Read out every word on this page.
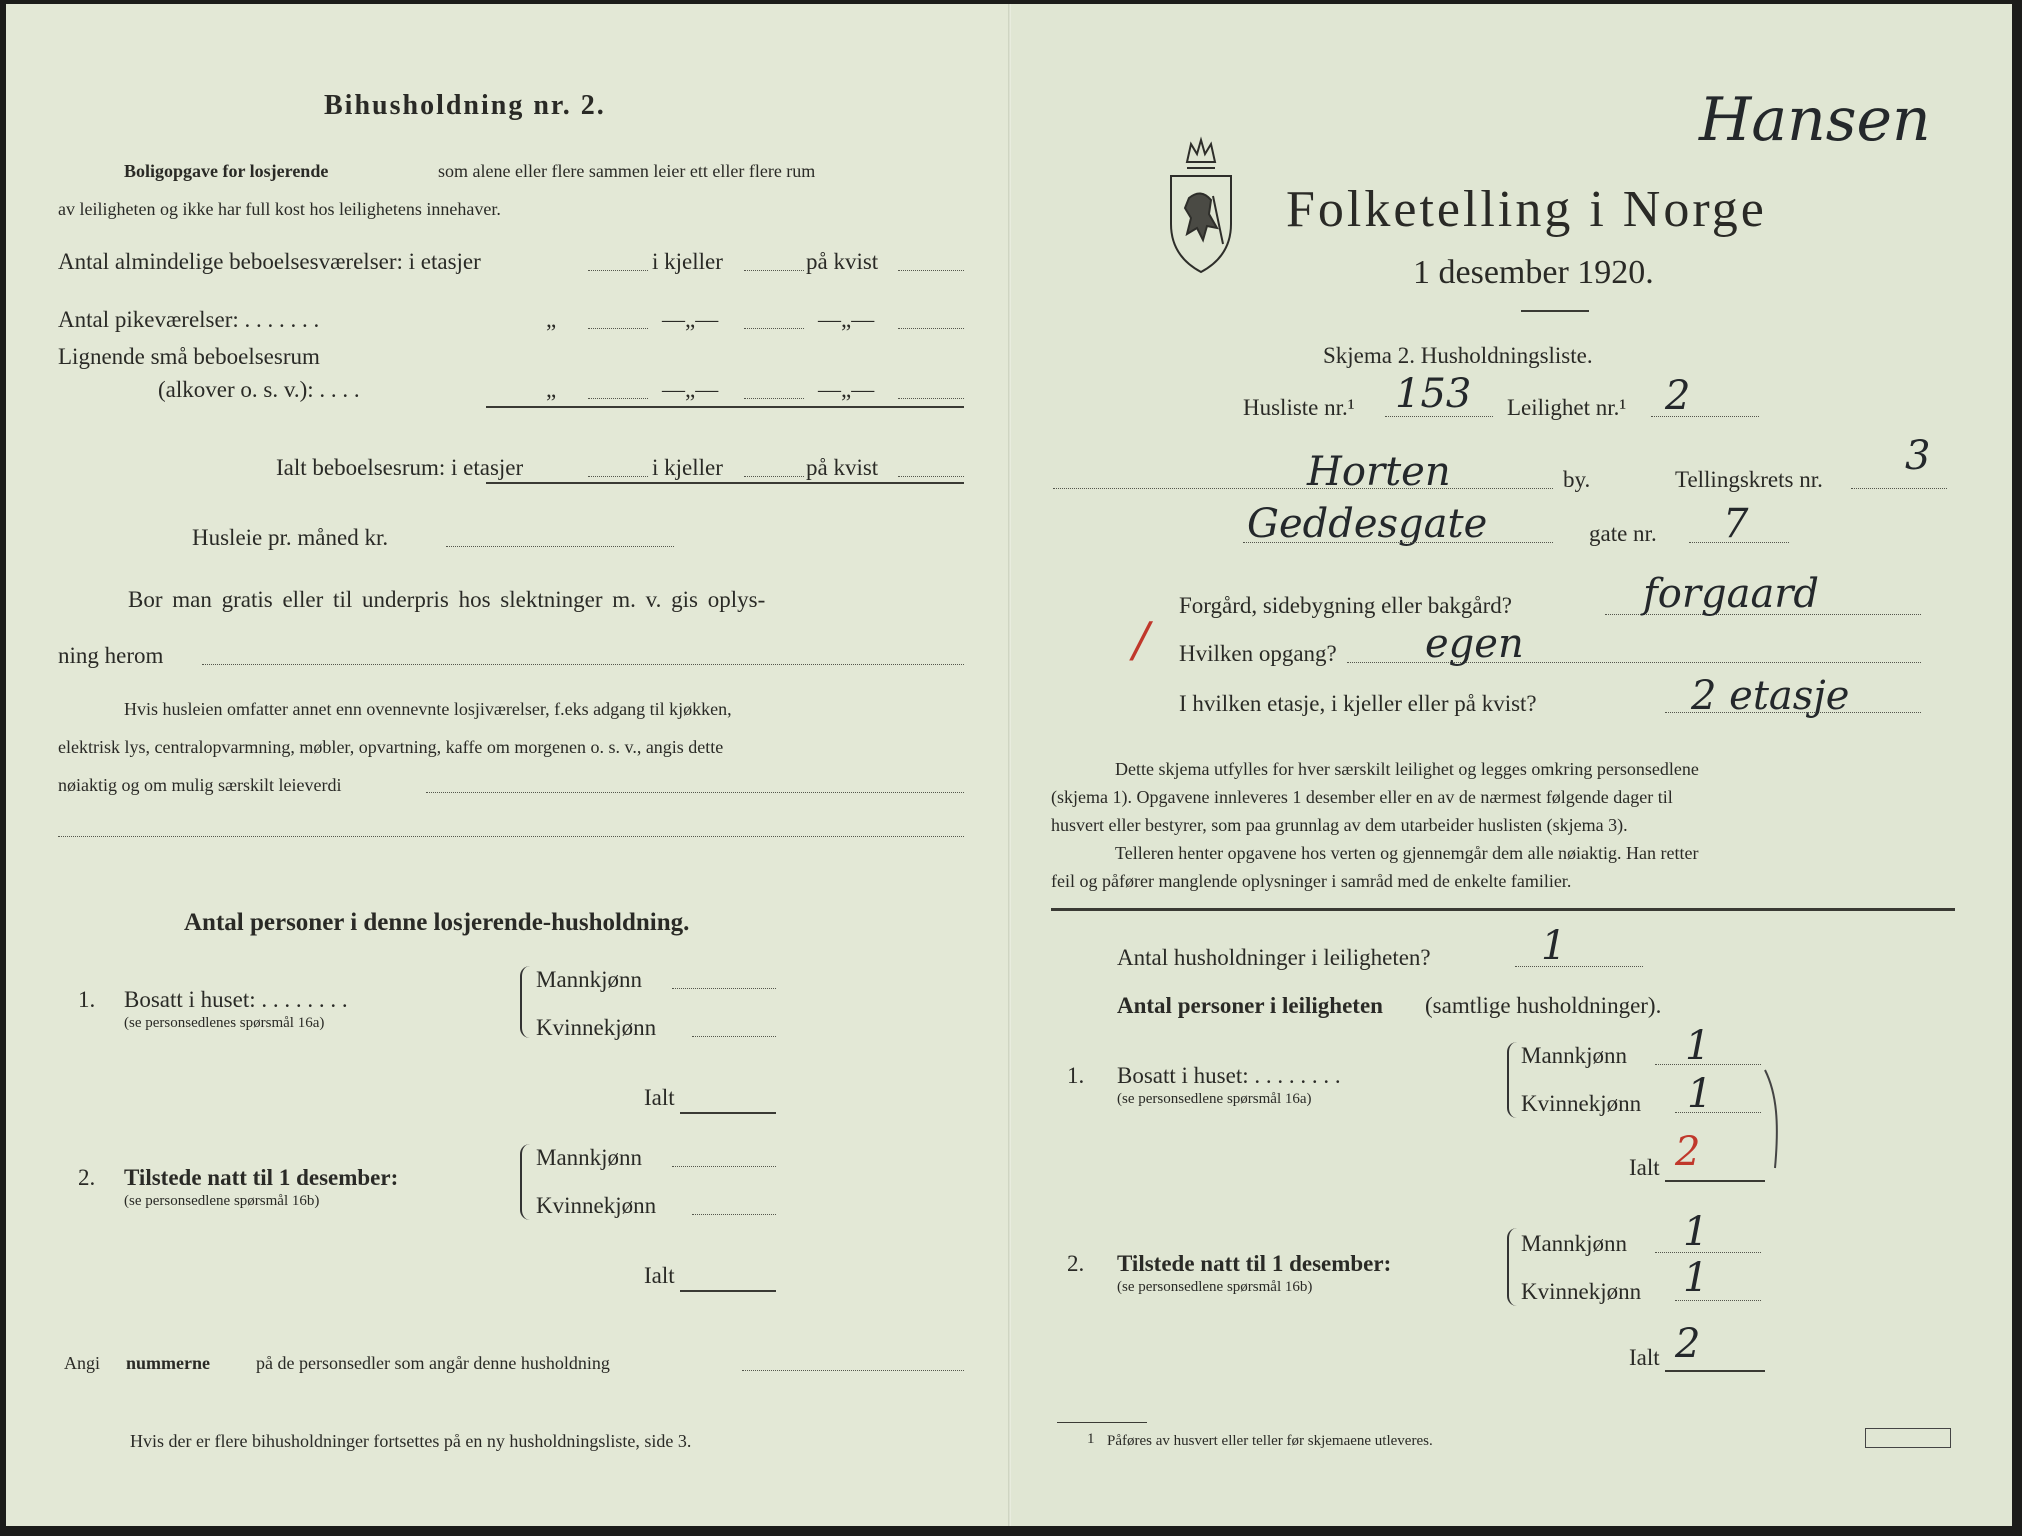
Bihusholdning nr. 2.
Boligopgave for losjerende	som alene eller flere sammen leier ett eller flere rum
av leiligheten og ikke har full kost hos leilighetens innehaver.
Antal almindelige beboelsesværelser: i etasjer	i kjeller	på kvist
Antal pikeværelser: . . . . . . .	„	—„—	—„—
Lignende små beboelsesrum
(alkover o. s. v.): . . . .	„	—„—	—„—
Ialt beboelsesrum: i etasjer	i kjeller	på kvist
Husleie pr. måned kr.
Bor man gratis eller til underpris hos slektninger m. v. gis oplys-
ning herom
Hvis husleien omfatter annet enn ovennevnte losjiværelser, f.eks adgang til kjøkken,
elektrisk lys, centralopvarmning, møbler, opvartning, kaffe om morgenen o. s. v., angis dette
nøiaktig og om mulig særskilt leieverdi
Antal personer i denne losjerende-husholdning.
1. Bosatt i huset: . . . . . . . .
(se personsedlenes spørsmål 16a)
Mannkjønn
Kvinnekjønn
Ialt
2. Tilstede natt til 1 desember:
(se personsedlene spørsmål 16b)
Mannkjønn
Kvinnekjønn
Ialt
Angi nummerne	på de personsedler som angår denne husholdning
Hvis der er flere bihusholdninger fortsettes på en ny husholdningsliste, side 3.
Folketelling i Norge
1 desember 1920.
Skjema 2. Husholdningsliste.
Husliste nr.¹ 153 Leilighet nr.¹ 2
Horten	by.	Tellingskrets nr.
3
Geddesgate	gate nr. 7
Forgård, sidebygning eller bakgård?	forgaard
/ Hvilken opgang? egen
I hvilken etasje, i kjeller eller på kvist?	2 etasje
Dette skjema utfylles for hver særskilt leilighet og legges omkring personsedlene
(skjema 1). Opgavene innleveres 1 desember eller en av de nærmest følgende dager til
husvert eller bestyrer, som paa grunnlag av dem utarbeider huslisten (skjema 3).
Telleren henter opgavene hos verten og gjennemgår dem alle nøiaktig. Han retter
feil og påfører manglende oplysninger i samråd med de enkelte familier.
Antal husholdninger i leiligheten?	1
Antal personer i leiligheten (samtlige husholdninger).
1. Bosatt i huset: . . . . . . . .
(se personsedlene spørsmål 16a)
Mannkjønn 1
Kvinnekjønn 1
Ialt 2
2. Tilstede natt til 1 desember:
(se personsedlene spørsmål 16b)
Mannkjønn 1
Kvinnekjønn 1
Ialt 2
Hansen
1 Påføres av husvert eller teller før skjemaene utleveres.
